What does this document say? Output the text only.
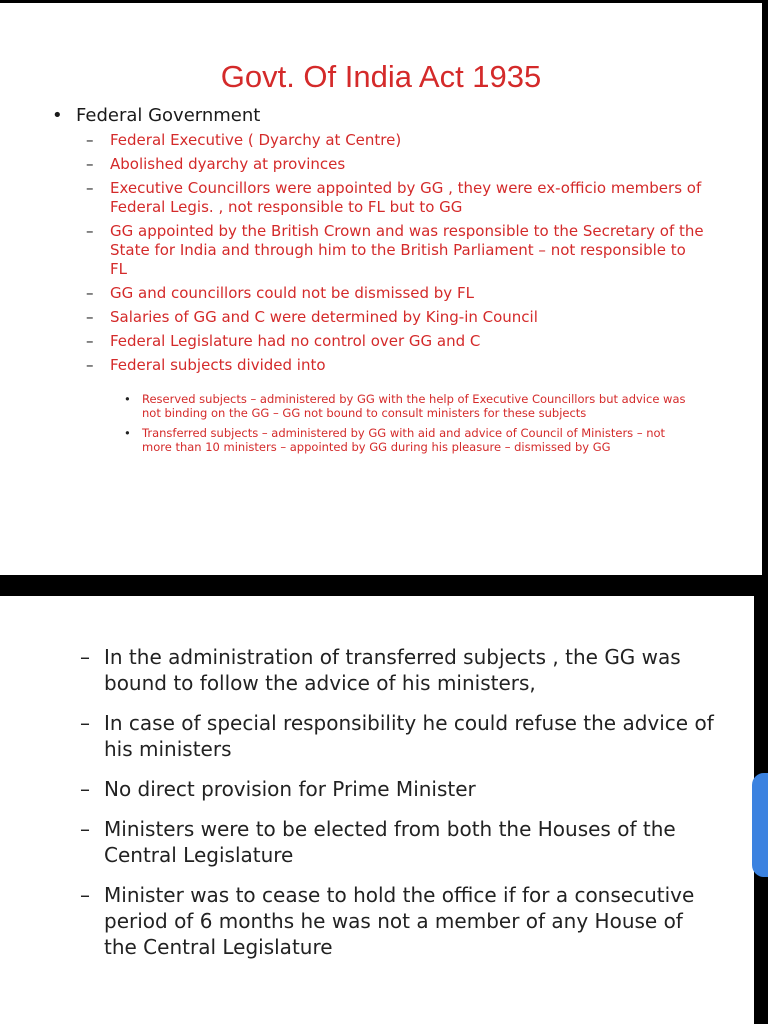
Govt. Of India Act 1935
• Federal Government
– Federal Executive ( Dyarchy at Centre)
– Abolished dyarchy at provinces
– Executive Councillors were appointed by GG , they were ex-officio members of Federal Legis. , not responsible to FL but to GG
– GG appointed by the British Crown and was responsible to the Secretary of the State for India and through him to the British Parliament – not responsible to FL
– GG and councillors could not be dismissed by FL
– Salaries of GG and C were determined by King-in Council
– Federal Legislature had no control over GG and C
– Federal subjects divided into
• Reserved subjects – administered by GG with the help of Executive Councillors but advice was not binding on the GG – GG not bound to consult ministers for these subjects
• Transferred subjects – administered by GG with aid and advice of Council of Ministers – not more than 10 ministers – appointed by GG during his pleasure – dismissed by GG
– In the administration of transferred subjects , the GG was bound to follow the advice of his ministers,
– In case of special responsibility he could refuse the advice of his ministers
– No direct provision for Prime Minister
– Ministers were to be elected from both the Houses of the Central Legislature
– Minister was to cease to hold the office if for a consecutive period of 6 months he was not a member of any House of the Central Legislature
